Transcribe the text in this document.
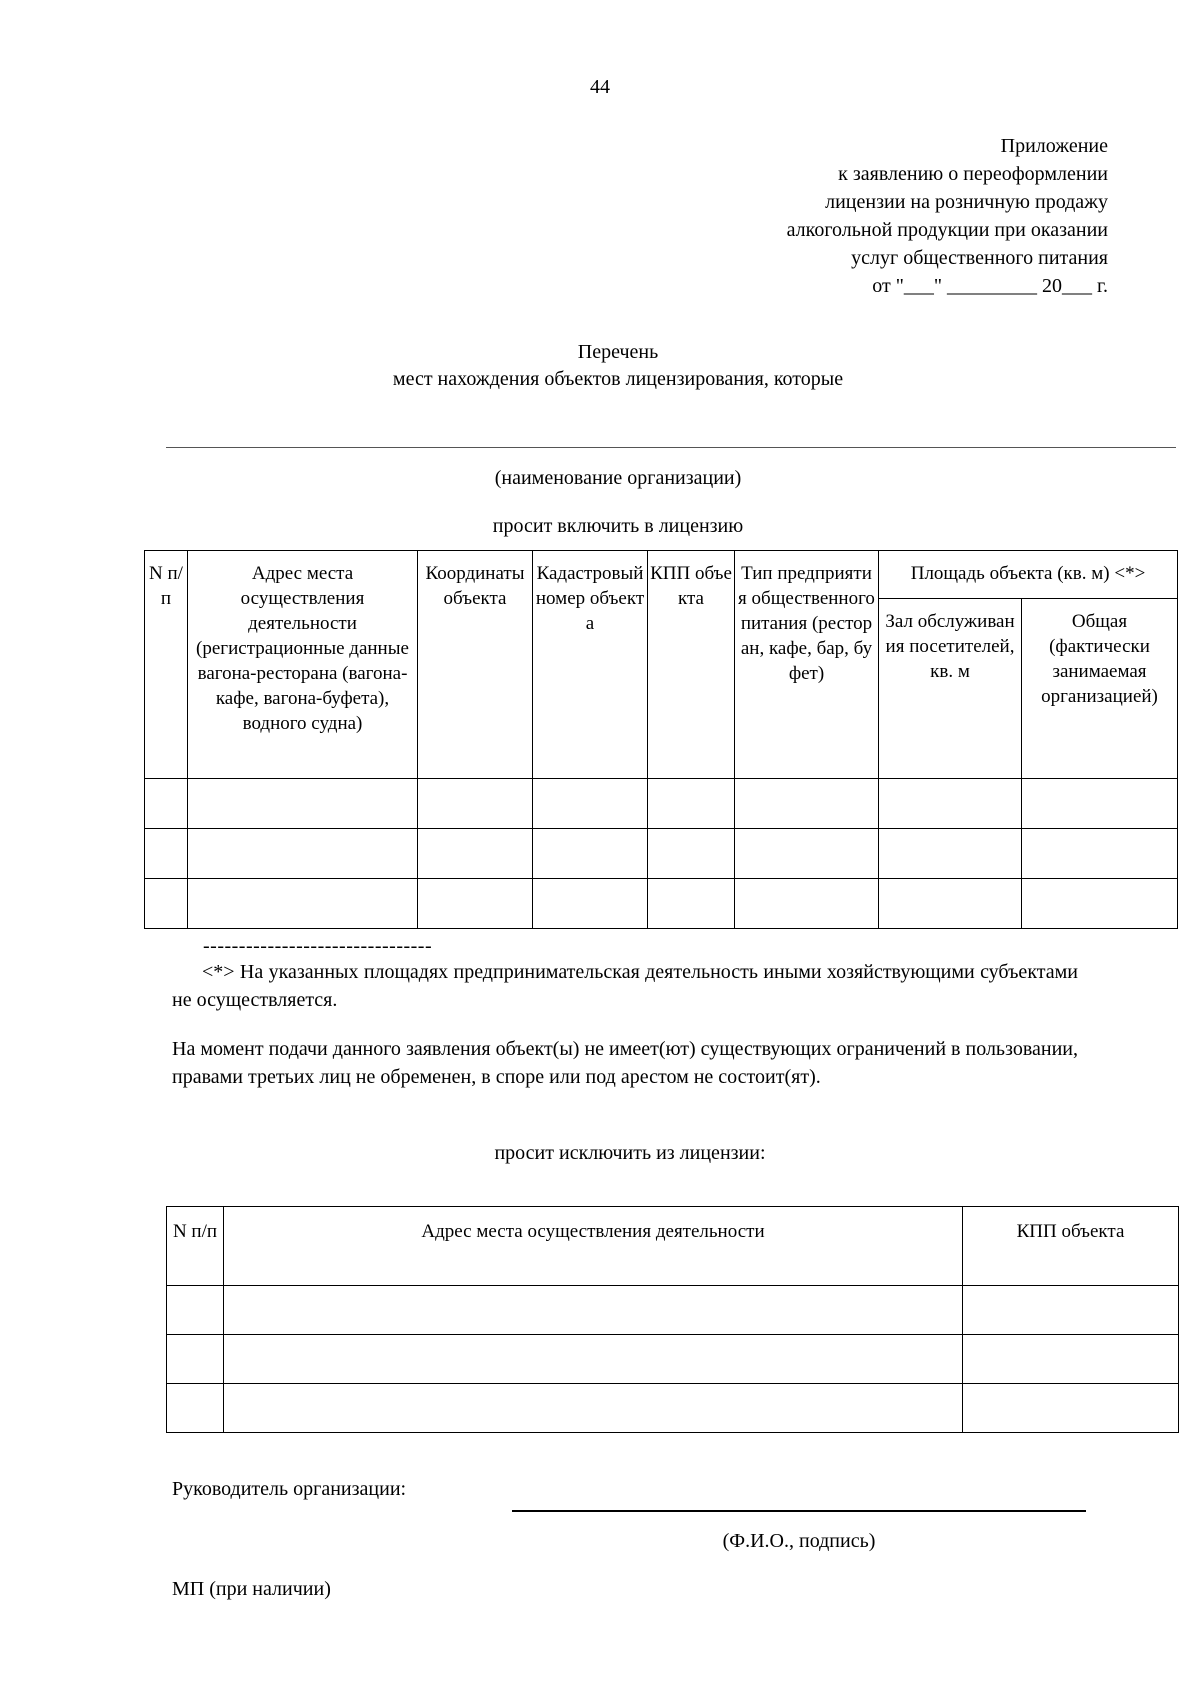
44
Приложение
к заявлению о переоформлении
лицензии на розничную продажу
алкогольной продукции при оказании
услуг общественного питания
от "___" _________ 20___ г.
Перечень
мест нахождения объектов лицензирования, которые
(наименование организации)
просит включить в лицензию
N п/п	Адрес места осуществления деятельности (регистрационные данные вагона-ресторана (вагона-кафе, вагона-буфета), водного судна)	Координаты объекта	Кадастровый номер объекта	КПП объекта	Тип предприятия общественного питания (ресторан, кафе, бар, буфет)	Площадь объекта (кв. м) <*>	
						Зал обслуживания посетителей, кв. м	Общая (фактически занимаемая организацией)

--------------------------------
<*> На указанных площадях предпринимательская деятельность иными хозяйствующими субъектами не осуществляется.
На момент подачи данного заявления объект(ы) не имеет(ют) существующих ограничений в пользовании, правами третьих лиц не обременен, в споре или под арестом не состоит(ят).
просит исключить из лицензии:
N п/п	Адрес места осуществления деятельности	КПП объекта

Руководитель организации:
(Ф.И.О., подпись)
МП (при наличии)
